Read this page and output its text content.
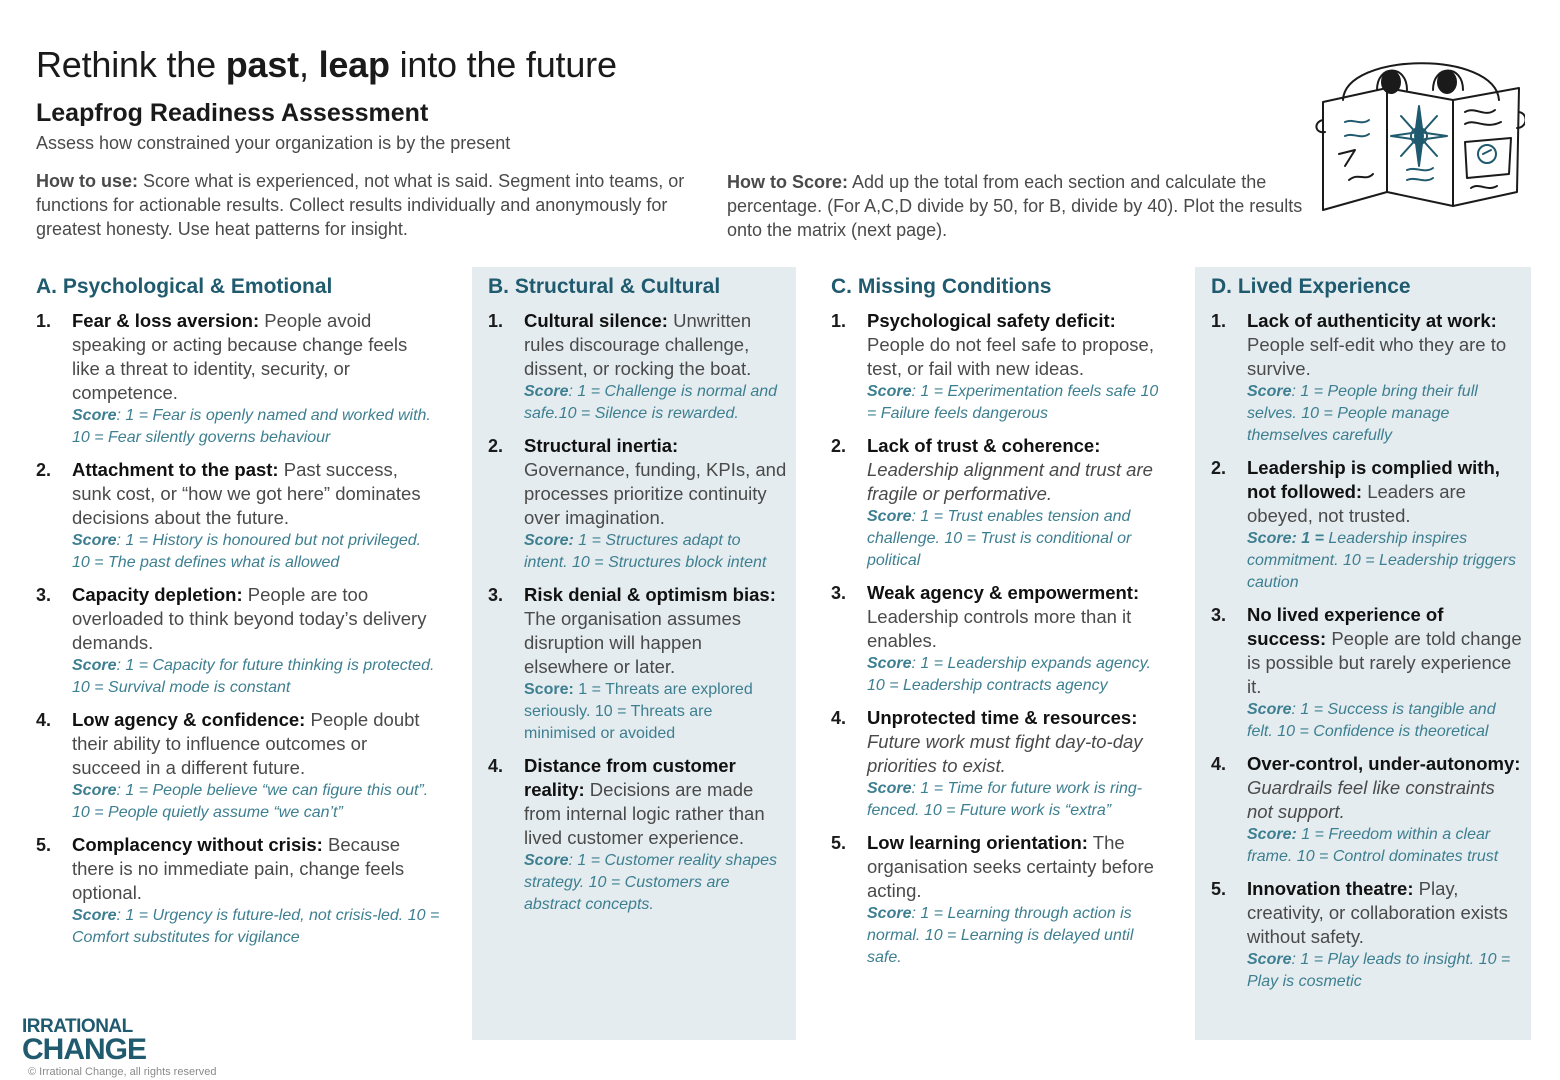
Rethink the past, leap into the future
Leapfrog Readiness Assessment

Assess how constrained your organization is by the present

How to use: Score what is experienced, not what is said. Segment into teams, or functions for actionable results. Collect results individually and anonymously for greatest honesty. Use heat patterns for insight.

How to Score: Add up the total from each section and calculate the percentage. (For A,C,D divide by 50, for B, divide by 40). Plot the results onto the matrix (next page).

A. Psychological & Emotional
1. Fear & loss aversion: People avoid speaking or acting because change feels like a threat to identity, security, or competence.
Score: 1 = Fear is openly named and worked with. 10 = Fear silently governs behaviour
2. Attachment to the past: Past success, sunk cost, or “how we got here” dominates decisions about the future.
Score: 1 = History is honoured but not privileged. 10 = The past defines what is allowed
3. Capacity depletion: People are too overloaded to think beyond today’s delivery demands.
Score: 1 = Capacity for future thinking is protected. 10 = Survival mode is constant
4. Low agency & confidence: People doubt their ability to influence outcomes or succeed in a different future.
Score: 1 = People believe “we can figure this out”. 10 = People quietly assume “we can’t”
5. Complacency without crisis: Because there is no immediate pain, change feels optional.
Score: 1 = Urgency is future-led, not crisis-led. 10 = Comfort substitutes for vigilance
B. Structural & Cultural
1. Cultural silence: Unwritten rules discourage challenge, dissent, or rocking the boat.
Score: 1 = Challenge is normal and safe.10 = Silence is rewarded.
2. Structural inertia: Governance, funding, KPIs, and processes prioritize continuity over imagination.
Score: 1 = Structures adapt to intent. 10 = Structures block intent
3. Risk denial & optimism bias: The organisation assumes disruption will happen elsewhere or later.
Score: 1 = Threats are explored seriously. 10 = Threats are minimised or avoided
4. Distance from customer reality: Decisions are made from internal logic rather than lived customer experience.
Score: 1 = Customer reality shapes strategy. 10 = Customers are abstract concepts.
C. Missing Conditions
1. Psychological safety deficit: People do not feel safe to propose, test, or fail with new ideas.
Score: 1 = Experimentation feels safe 10 = Failure feels dangerous
2. Lack of trust & coherence: Leadership alignment and trust are fragile or performative.
Score: 1 = Trust enables tension and challenge. 10 = Trust is conditional or political
3. Weak agency & empowerment: Leadership controls more than it enables.
Score: 1 = Leadership expands agency. 10 = Leadership contracts agency
4. Unprotected time & resources: Future work must fight day-to-day priorities to exist.
Score: 1 = Time for future work is ring-fenced. 10 = Future work is “extra”
5. Low learning orientation: The organisation seeks certainty before acting.
Score: 1 = Learning through action is normal. 10 = Learning is delayed until safe.
D. Lived Experience
1. Lack of authenticity at work: People self-edit who they are to survive.
Score: 1 = People bring their full selves. 10 = People manage themselves carefully
2. Leadership is complied with, not followed: Leaders are obeyed, not trusted.
Score: 1 = Leadership inspires commitment. 10 = Leadership triggers caution
3. No lived experience of success: People are told change is possible but rarely experience it.
Score: 1 = Success is tangible and felt. 10 = Confidence is theoretical
4. Over-control, under-autonomy: Guardrails feel like constraints not support.
Score: 1 = Freedom within a clear frame. 10 = Control dominates trust
5. Innovation theatre: Play, creativity, or collaboration exists without safety.
Score: 1 = Play leads to insight. 10 = Play is cosmetic
IRRATIONAL
CHANGE
© Irrational Change, all rights reserved
